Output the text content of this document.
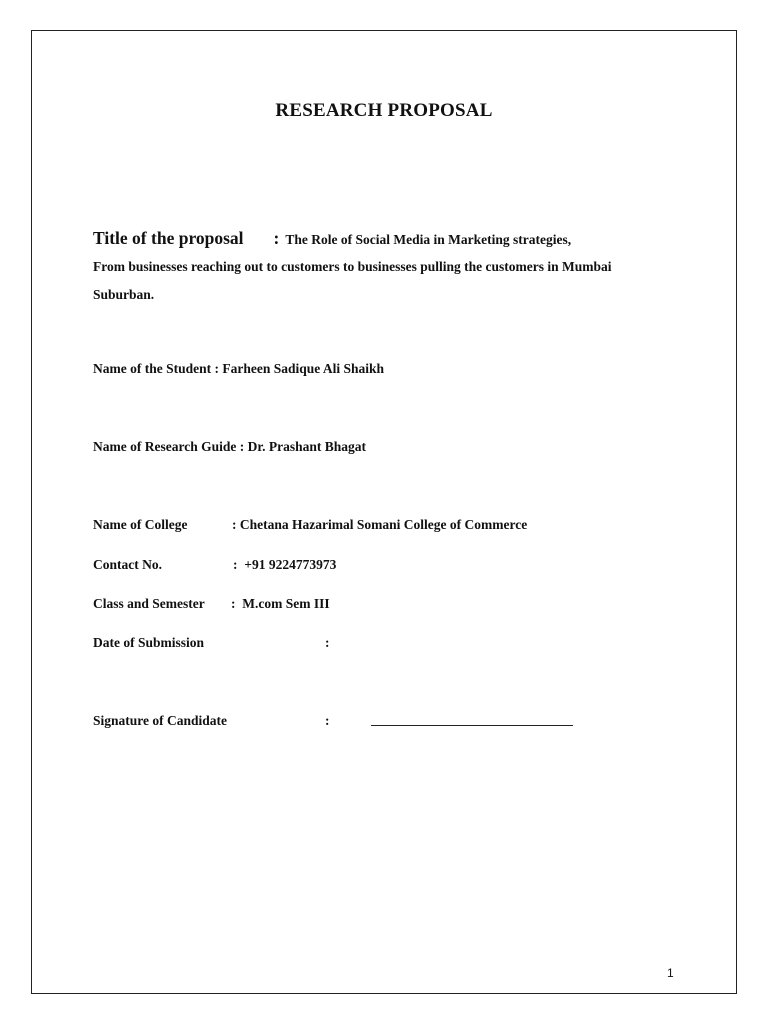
RESEARCH PROPOSAL
Title of the proposal : The Role of Social Media in Marketing strategies,
From businesses reaching out to customers to businesses pulling the customers in Mumbai
Suburban.
Name of the Student : Farheen Sadique Ali Shaikh
Name of Research Guide : Dr. Prashant Bhagat
Name of College	: Chetana Hazarimal Somani College of Commerce
Contact No.	:  +91 9224773973
Class and Semester :  M.com Sem III
Date of Submission	:
Signature of Candidate	:
1
